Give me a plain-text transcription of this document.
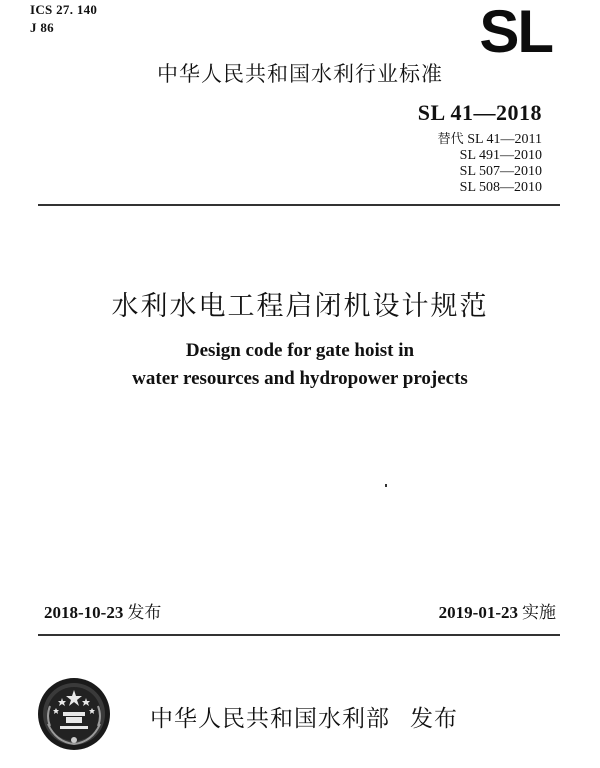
ICS 27. 140
J 86	SL
中华人民共和国水利行业标准
SL 41—2018
替代 SL 41—2011
SL 491—2010
SL 507—2010
SL 508—2010
水利水电工程启闭机设计规范
Design code for gate hoist in
water resources and hydropower projects
2018-10-23 发布	2019-01-23 实施
中华人民共和国水利部 发布
